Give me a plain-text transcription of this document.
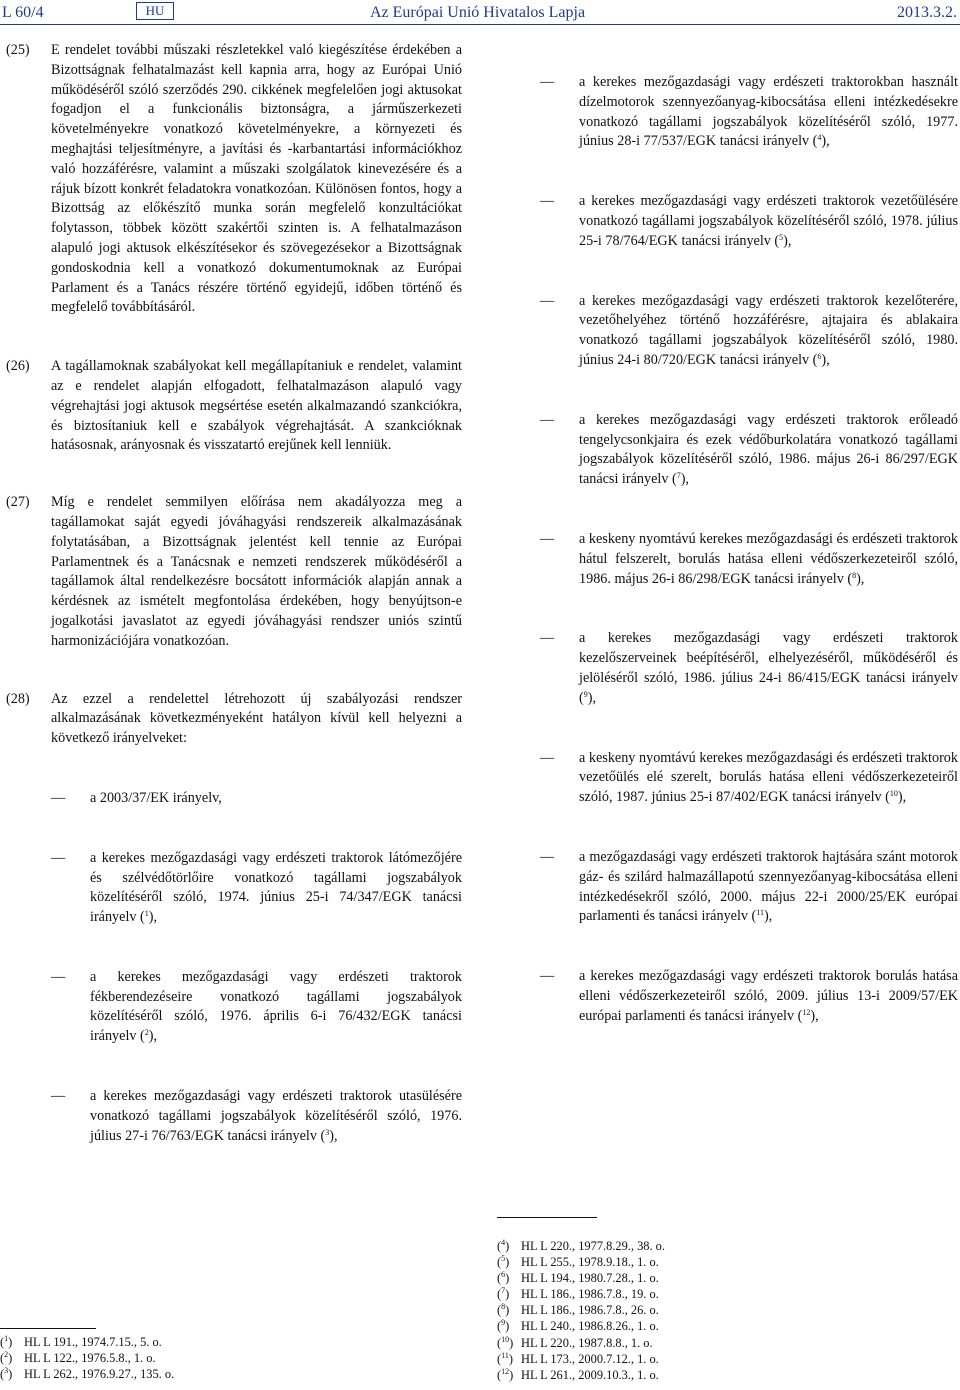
L 60/4	HU	Az Európai Unió Hivatalos Lapja	2013.3.2.
(25) E rendelet további műszaki részletekkel való kiegészítése érdekében a Bizottságnak felhatalmazást kell kapnia arra, hogy az Európai Unió működéséről szóló szerződés 290. cikkének megfelelően jogi aktusokat fogadjon el a funkcionális biztonságra, a járműszerkezeti követelményekre vonatkozó követelményekre, a környezeti és meghajtási teljesítményre, a javítási és -karbantartási információkhoz való hozzáférésre, valamint a műszaki szolgálatok kinevezésére és a rájuk bízott konkrét feladatokra vonatkozóan. Különösen fontos, hogy a Bizottság az előkészítő munka során megfelelő konzultációkat folytasson, többek között szakértői szinten is. A felhatalmazáson alapuló jogi aktusok elkészítésekor és szövegezésekor a Bizottságnak gondoskodnia kell a vonatkozó dokumentumoknak az Európai Parlament és a Tanács részére történő egyidejű, időben történő és megfelelő továbbításáról.

(26) A tagállamoknak szabályokat kell megállapítaniuk e rendelet, valamint az e rendelet alapján elfogadott, felhatalmazáson alapuló vagy végrehajtási jogi aktusok megsértése esetén alkalmazandó szankciókra, és biztosítaniuk kell e szabályok végrehajtását. A szankcióknak hatásosnak, arányosnak és visszatartó erejűnek kell lenniük.

(27) Míg e rendelet semmilyen előírása nem akadályozza meg a tagállamokat saját egyedi jóváhagyási rendszereik alkalmazásának folytatásában, a Bizottságnak jelentést kell tennie az Európai Parlamentnek és a Tanácsnak e nemzeti rendszerek működéséről a tagállamok által rendelkezésre bocsátott információk alapján annak a kérdésnek az ismételt megfontolása érdekében, hogy benyújtson-e jogalkotási javaslatot az egyedi jóváhagyási rendszer uniós szintű harmonizációjára vonatkozóan.

(28) Az ezzel a rendelettel létrehozott új szabályozási rendszer alkalmazásának következményeként hatályon kívül kell helyezni a következő irányelveket:

— a 2003/37/EK irányelv,
— a kerekes mezőgazdasági vagy erdészeti traktorok látómezőjére és szélvédőtörlőire vonatkozó tagállami jogszabályok közelítéséről szóló, 1974. június 25-i 74/347/EGK tanácsi irányelv ($^1$),
— a kerekes mezőgazdasági vagy erdészeti traktorok fékberendezéseire vonatkozó tagállami jogszabályok közelítéséről szóló, 1976. április 6-i 76/432/EGK tanácsi irányelv ($^2$),
— a kerekes mezőgazdasági vagy erdészeti traktorok utasülésére vonatkozó tagállami jogszabályok közelítéséről szóló, 1976. július 27-i 76/763/EGK tanácsi irányelv ($^3$),
— a kerekes mezőgazdasági vagy erdészeti traktorokban használt dízelmotorok szennyezőanyag-kibocsátása elleni intézkedésekre vonatkozó tagállami jogszabályok közelítéséről szóló, 1977. június 28-i 77/537/EGK tanácsi irányelv ($^4$),
— a kerekes mezőgazdasági vagy erdészeti traktorok vezetőülésére vonatkozó tagállami jogszabályok közelítéséről szóló, 1978. július 25-i 78/764/EGK tanácsi irányelv ($^5$),
— a kerekes mezőgazdasági vagy erdészeti traktorok kezelőterére, vezetőhelyéhez történő hozzáférésre, ajtajaira és ablakaira vonatkozó tagállami jogszabályok közelítéséről szóló, 1980. június 24-i 80/720/EGK tanácsi irányelv ($^6$),
— a kerekes mezőgazdasági vagy erdészeti traktorok erőleadó tengelycsonkjaira és ezek védőburkolatára vonatkozó tagállami jogszabályok közelítéséről szóló, 1986. május 26-i 86/297/EGK tanácsi irányelv ($^7$),
— a keskeny nyomtávú kerekes mezőgazdasági és erdészeti traktorok hátul felszerelt, borulás hatása elleni védőszerkezeteiről szóló, 1986. május 26-i 86/298/EGK tanácsi irányelv ($^8$),
— a kerekes mezőgazdasági vagy erdészeti traktorok kezelőszerveinek beépítéséről, elhelyezéséről, működéséről és jelöléséről szóló, 1986. július 24-i 86/415/EGK tanácsi irányelv ($^9$),
— a keskeny nyomtávú kerekes mezőgazdasági és erdészeti traktorok vezetőülés elé szerelt, borulás hatása elleni védőszerkezeteiről szóló, 1987. június 25-i 87/402/EGK tanácsi irányelv ($^{10}$),
— a mezőgazdasági vagy erdészeti traktorok hajtására szánt motorok gáz- és szilárd halmazállapotú szennyezőanyag-kibocsátása elleni intézkedésekről szóló, 2000. május 22-i 2000/25/EK európai parlamenti és tanácsi irányelv ($^{11}$),
— a kerekes mezőgazdasági vagy erdészeti traktorok borulás hatása elleni védőszerkezeteiről szóló, 2009. július 13-i 2009/57/EK európai parlamenti és tanácsi irányelv ($^{12}$),
($^1$) HL L 191., 1974.7.15., 5. o.
($^2$) HL L 122., 1976.5.8., 1. o.
($^3$) HL L 262., 1976.9.27., 135. o.
($^4$) HL L 220., 1977.8.29., 38. o.
($^5$) HL L 255., 1978.9.18., 1. o.
($^6$) HL L 194., 1980.7.28., 1. o.
($^7$) HL L 186., 1986.7.8., 19. o.
($^8$) HL L 186., 1986.7.8., 26. o.
($^9$) HL L 240., 1986.8.26., 1. o.
($^{10}$) HL L 220., 1987.8.8., 1. o.
($^{11}$) HL L 173., 2000.7.12., 1. o.
($^{12}$) HL L 261., 2009.10.3., 1. o.
